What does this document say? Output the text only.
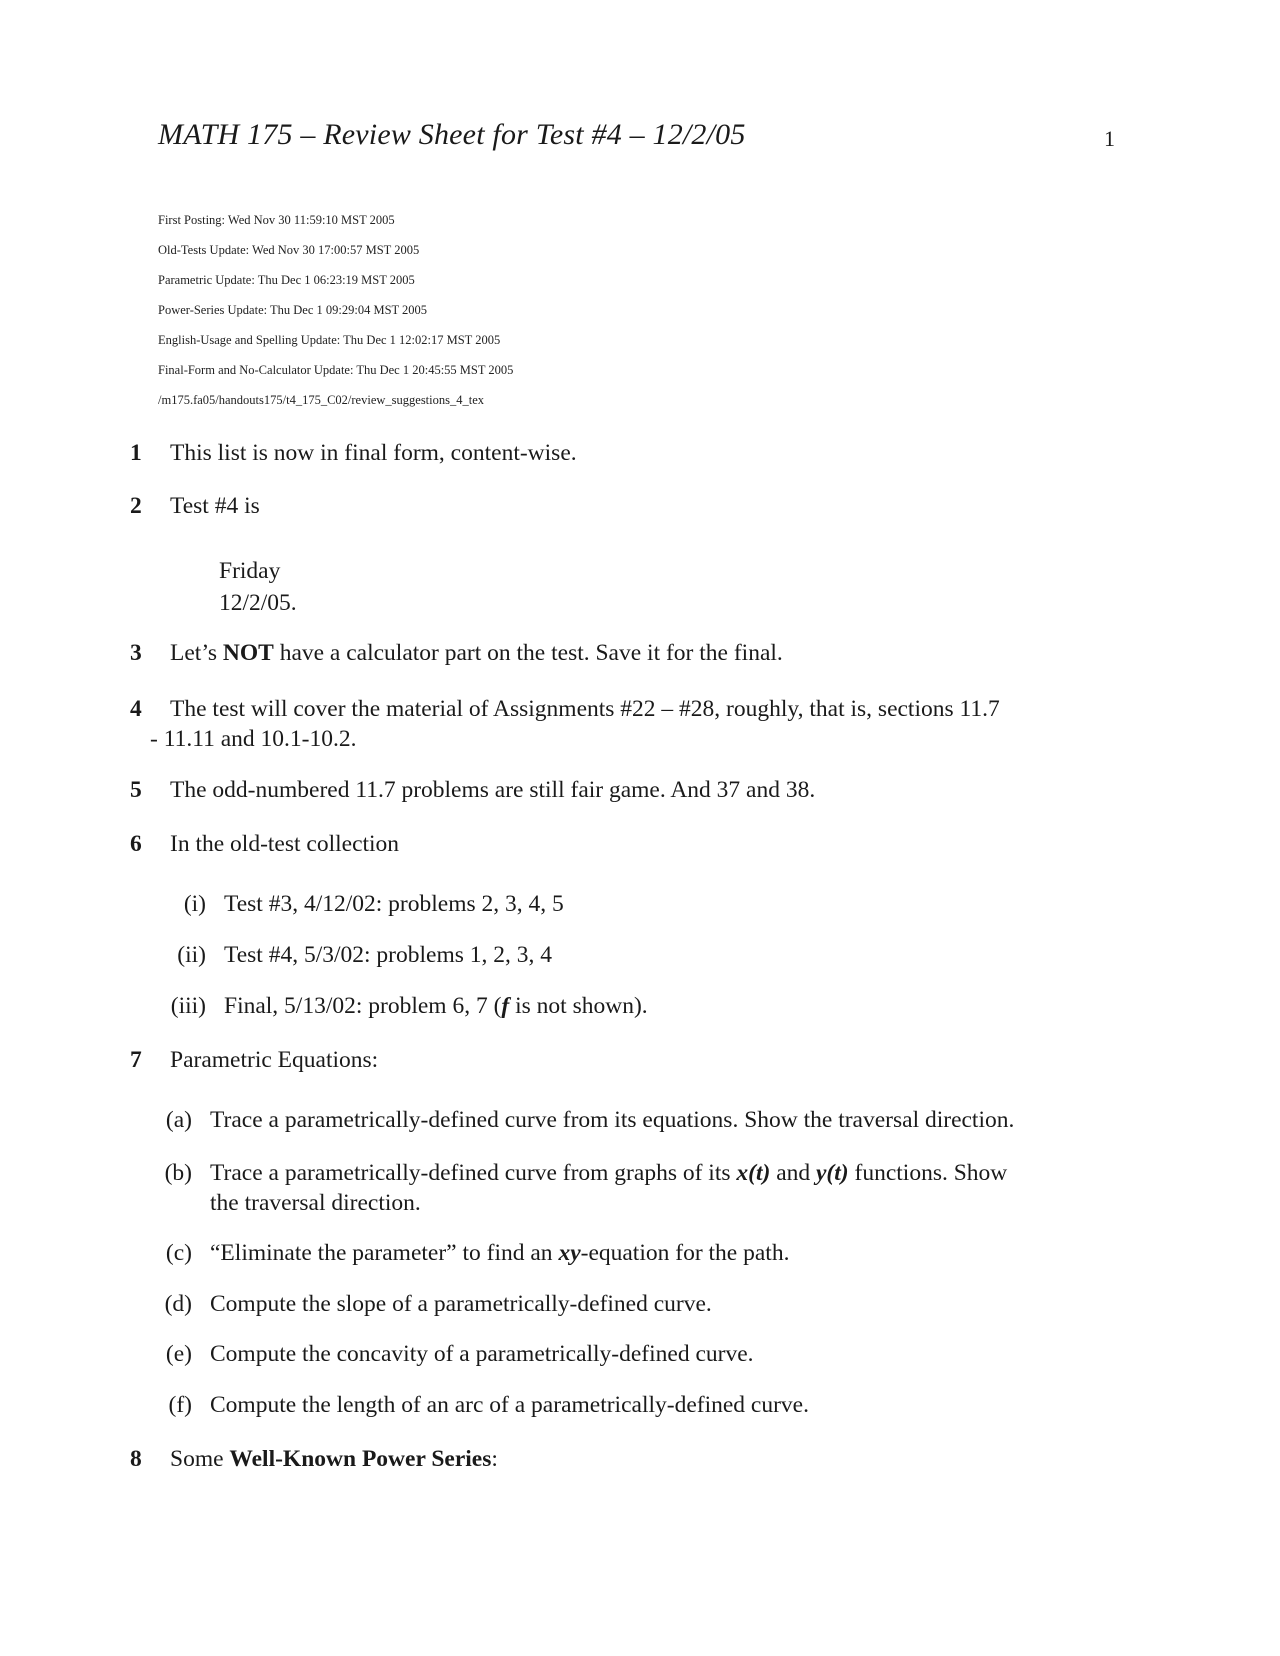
MATH 175 – Review Sheet for Test #4 – 12/2/05	1
First Posting: Wed Nov 30 11:59:10 MST 2005
Old-Tests Update: Wed Nov 30 17:00:57 MST 2005
Parametric Update: Thu Dec 1 06:23:19 MST 2005
Power-Series Update: Thu Dec 1 09:29:04 MST 2005
English-Usage and Spelling Update: Thu Dec 1 12:02:17 MST 2005
Final-Form and No-Calculator Update: Thu Dec 1 20:45:55 MST 2005
/m175.fa05/handouts175/t4_175_C02/review_suggestions_4_tex
1 This list is now in final form, content-wise.
2 Test #4 is
Friday
12/2/05.
3 Let’s NOT have a calculator part on the test. Save it for the final.
4 The test will cover the material of Assignments #22 – #28, roughly, that is, sections 11.7
- 11.11 and 10.1-10.2.
5 The odd-numbered 11.7 problems are still fair game. And 37 and 38.
6 In the old-test collection
(i) Test #3, 4/12/02: problems 2, 3, 4, 5
(ii) Test #4, 5/3/02: problems 1, 2, 3, 4
(iii) Final, 5/13/02: problem 6, 7 (f is not shown).
7 Parametric Equations:
(a) Trace a parametrically-defined curve from its equations. Show the traversal direction.
(b) Trace a parametrically-defined curve from graphs of its x(t) and y(t) functions. Show
the traversal direction.
(c) “Eliminate the parameter” to find an xy-equation for the path.
(d) Compute the slope of a parametrically-defined curve.
(e) Compute the concavity of a parametrically-defined curve.
(f) Compute the length of an arc of a parametrically-defined curve.
8 Some Well-Known Power Series:
